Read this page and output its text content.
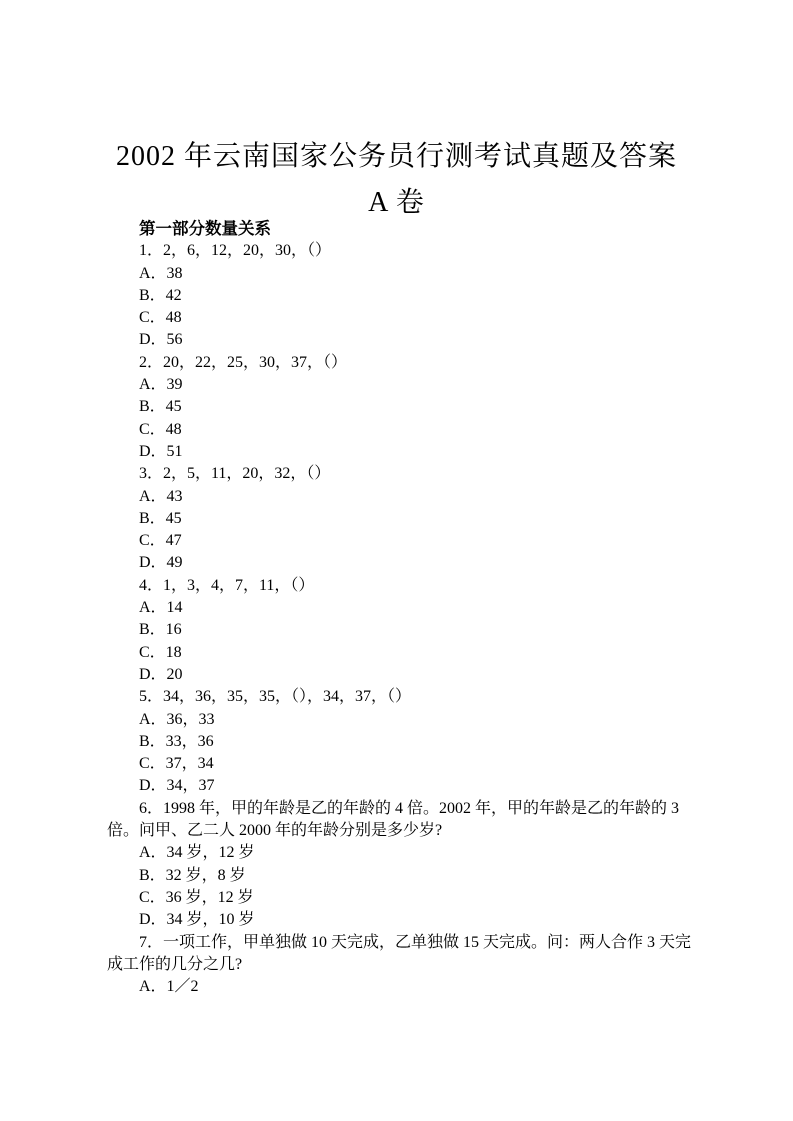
2002 年云南国家公务员行测考试真题及答案
A 卷

第一部分数量关系

1．2，6，12，20，30，（）

A．38

B．42

C．48

D．56

2．20，22，25，30，37，（）

A．39

B．45

C．48

D．51

3．2，5，11，20，32，（）

A．43

B．45

C．47

D．49

4．1，3，4，7，11，（）

A．14

B．16

C．18

D．20

5．34，36，35，35，（），34，37，（）

A．36，33

B．33，36

C．37，34

D．34，37

6．1998 年，甲的年龄是乙的年龄的 4 倍。2002 年，甲的年龄是乙的年龄的 3 倍。问甲、乙二人 2000 年的年龄分别是多少岁?

A．34 岁，12 岁

B．32 岁，8 岁

C．36 岁，12 岁

D．34 岁，10 岁

7．一项工作，甲单独做 10 天完成，乙单独做 15 天完成。问：两人合作 3 天完成工作的几分之几?

A．1／2
